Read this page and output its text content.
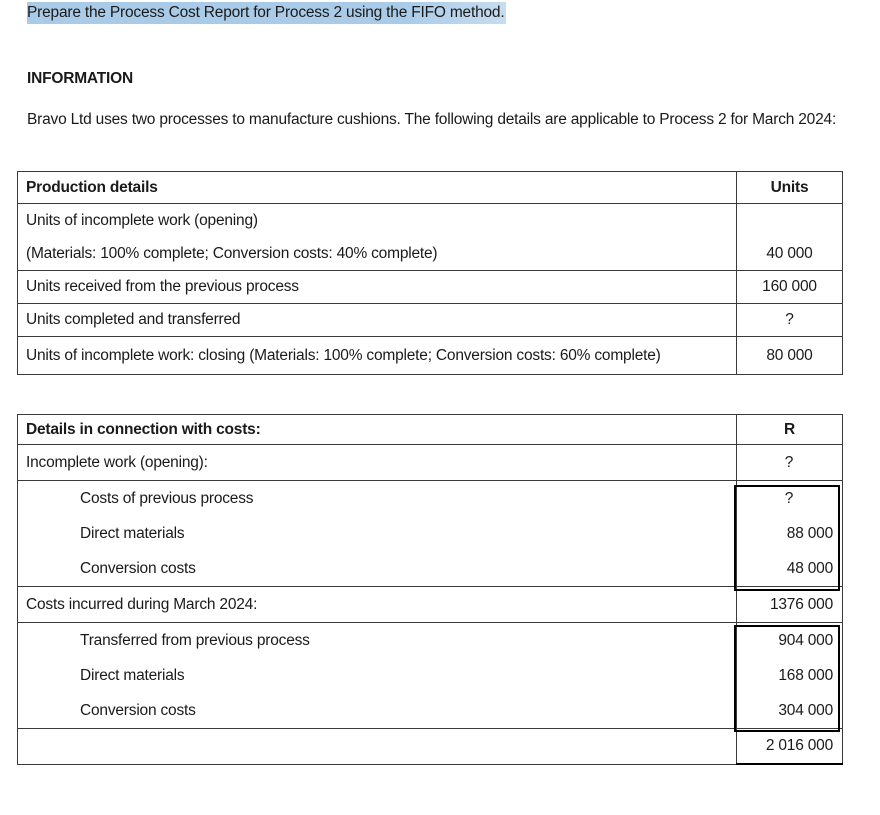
Prepare the Process Cost Report for Process 2 using the FIFO method.
INFORMATION
Bravo Ltd uses two processes to manufacture cushions. The following details are applicable to Process 2 for March 2024:
Production details	Units

Units of incomplete work (opening)
(Materials: 100% complete; Conversion costs: 40% complete)	40 000

Units received from the previous process	160 000
Units completed and transferred	?
Units of incomplete work: closing (Materials: 100% complete; Conversion costs: 60% complete)	80 000
Details in connection with costs:	R
Incomplete work (opening):	?
Costs of previous process	?
Direct materials	88 000
Conversion costs	48 000
Costs incurred during March 2024:	1376 000
Transferred from previous process	904 000
Direct materials	168 000
Conversion costs	304 000
	2 016 000
